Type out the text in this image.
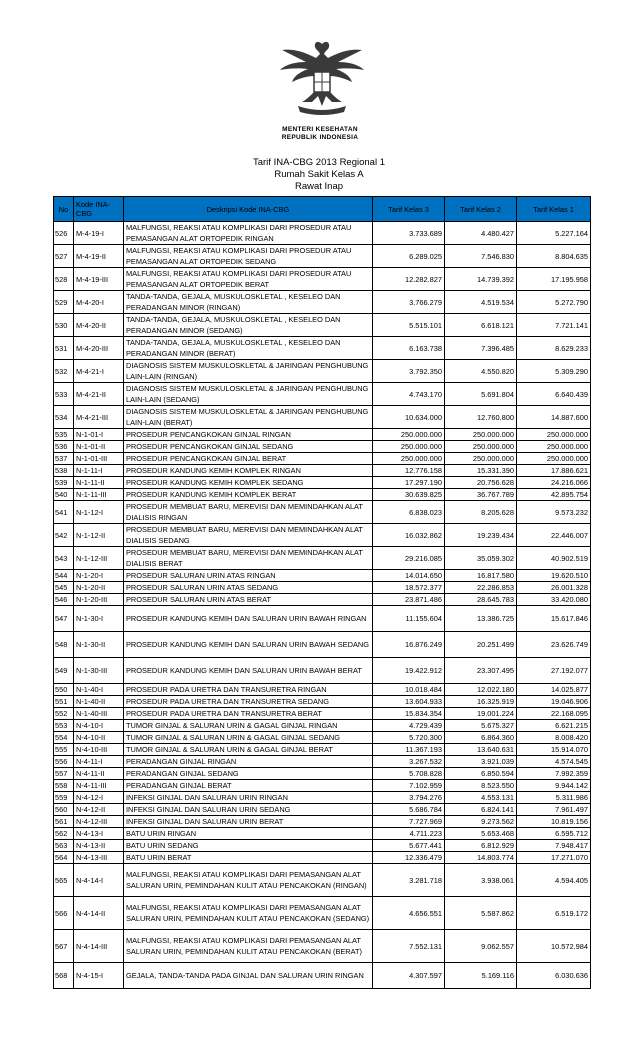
MENTERI KESEHATAN
REPUBLIK INDONESIA
Tarif INA-CBG 2013 Regional 1
Rumah Sakit Kelas A
Rawat Inap
No	Kode INA-CBG	Deskripsi Kode INA-CBG	Tarif Kelas 3	Tarif Kelas 2	Tarif Kelas 1
526	M-4-19-I	MALFUNGSI, REAKSI ATAU KOMPLIKASI DARI PROSEDUR ATAU PEMASANGAN ALAT ORTOPEDIK RINGAN	3.733.689	4.480.427	5.227.164
527	M-4-19-II	MALFUNGSI, REAKSI ATAU KOMPLIKASI DARI PROSEDUR ATAU PEMASANGAN ALAT ORTOPEDIK SEDANG	6.289.025	7.546.830	8.804.635
528	M-4-19-III	MALFUNGSI, REAKSI ATAU KOMPLIKASI DARI PROSEDUR ATAU PEMASANGAN ALAT ORTOPEDIK BERAT	12.282.827	14.739.392	17.195.958
529	M-4-20-I	TANDA-TANDA, GEJALA, MUSKULOSKLETAL , KESELEO DAN PERADANGAN MINOR (RINGAN)	3.766.279	4.519.534	5.272.790
530	M-4-20-II	TANDA-TANDA, GEJALA, MUSKULOSKLETAL , KESELEO DAN PERADANGAN MINOR (SEDANG)	5.515.101	6.618.121	7.721.141
531	M-4-20-III	TANDA-TANDA, GEJALA, MUSKULOSKLETAL , KESELEO DAN PERADANGAN MINOR (BERAT)	6.163.738	7.396.485	8.629.233
532	M-4-21-I	DIAGNOSIS SISTEM MUSKULOSKLETAL & JARINGAN PENGHUBUNG LAIN-LAIN (RINGAN)	3.792.350	4.550.820	5.309.290
533	M-4-21-II	DIAGNOSIS SISTEM MUSKULOSKLETAL & JARINGAN PENGHUBUNG LAIN-LAIN (SEDANG)	4.743.170	5.691.804	6.640.439
534	M-4-21-III	DIAGNOSIS SISTEM MUSKULOSKLETAL & JARINGAN PENGHUBUNG LAIN-LAIN (BERAT)	10.634.000	12.760.800	14.887.600
535	N-1-01-I	PROSEDUR PENCANGKOKAN GINJAL RINGAN	250.000.000	250.000.000	250.000.000
536	N-1-01-II	PROSEDUR PENCANGKOKAN GINJAL SEDANG	250.000.000	250.000.000	250.000.000
537	N-1-01-III	PROSEDUR PENCANGKOKAN GINJAL BERAT	250.000.000	250.000.000	250.000.000
538	N-1-11-I	PROSEDUR KANDUNG KEMIH KOMPLEK RINGAN	12.776.158	15.331.390	17.886.621
539	N-1-11-II	PROSEDUR KANDUNG KEMIH KOMPLEK SEDANG	17.297.190	20.756.628	24.216.066
540	N-1-11-III	PROSEDUR KANDUNG KEMIH KOMPLEK BERAT	30.639.825	36.767.789	42.895.754
541	N-1-12-I	PROSEDUR MEMBUAT BARU, MEREVISI DAN MEMINDAHKAN ALAT DIALISIS RINGAN	6.838.023	8.205.628	9.573.232
542	N-1-12-II	PROSEDUR MEMBUAT BARU, MEREVISI DAN MEMINDAHKAN ALAT DIALISIS SEDANG	16.032.862	19.239.434	22.446.007
543	N-1-12-III	PROSEDUR MEMBUAT BARU, MEREVISI DAN MEMINDAHKAN ALAT DIALISIS BERAT	29.216.085	35.059.302	40.902.519
544	N-1-20-I	PROSEDUR SALURAN URIN ATAS RINGAN	14.014.650	16.817.580	19.620.510
545	N-1-20-II	PROSEDUR SALURAN URIN ATAS SEDANG	18.572.377	22.286.853	26.001.328
546	N-1-20-III	PROSEDUR SALURAN URIN ATAS BERAT	23.871.486	28.645.783	33.420.080
547	N-1-30-I	PROSEDUR KANDUNG KEMIH DAN SALURAN URIN BAWAH RINGAN	11.155.604	13.386.725	15.617.846
548	N-1-30-II	PROSEDUR KANDUNG KEMIH DAN SALURAN URIN BAWAH SEDANG	16.876.249	20.251.499	23.626.749
549	N-1-30-III	PROSEDUR KANDUNG KEMIH DAN SALURAN URIN BAWAH BERAT	19.422.912	23.307.495	27.192.077
550	N-1-40-I	PROSEDUR PADA URETRA DAN TRANSURETRA RINGAN	10.018.484	12.022.180	14.025.877
551	N-1-40-II	PROSEDUR PADA URETRA DAN TRANSURETRA SEDANG	13.604.933	16.325.919	19.046.906
552	N-1-40-III	PROSEDUR PADA URETRA DAN TRANSURETRA BERAT	15.834.354	19.001.224	22.168.095
553	N-4-10-I	TUMOR GINJAL & SALURAN URIN & GAGAL GINJAL RINGAN	4.729.439	5.675.327	6.621.215
554	N-4-10-II	TUMOR GINJAL & SALURAN URIN & GAGAL GINJAL SEDANG	5.720.300	6.864.360	8.008.420
555	N-4-10-III	TUMOR GINJAL & SALURAN URIN & GAGAL GINJAL BERAT	11.367.193	13.640.631	15.914.070
556	N-4-11-I	PERADANGAN GINJAL RINGAN	3.267.532	3.921.039	4.574.545
557	N-4-11-II	PERADANGAN GINJAL SEDANG	5.708.828	6.850.594	7.992.359
558	N-4-11-III	PERADANGAN GINJAL BERAT	7.102.959	8.523.550	9.944.142
559	N-4-12-I	INFEKSI GINJAL DAN SALURAN URIN RINGAN	3.794.276	4.553.131	5.311.986
560	N-4-12-II	INFEKSI GINJAL DAN SALURAN URIN SEDANG	5.686.784	6.824.141	7.961.497
561	N-4-12-III	INFEKSI GINJAL DAN SALURAN URIN BERAT	7.727.969	9.273.562	10.819.156
562	N-4-13-I	BATU URIN RINGAN	4.711.223	5.653.468	6.595.712
563	N-4-13-II	BATU URIN SEDANG	5.677.441	6.812.929	7.948.417
564	N-4-13-III	BATU URIN BERAT	12.336.479	14.803.774	17.271.070
565	N-4-14-I	MALFUNGSI, REAKSI ATAU KOMPLIKASI DARI PEMASANGAN ALAT SALURAN URIN, PEMINDAHAN KULIT ATAU PENCAKOKAN (RINGAN)	3.281.718	3.938.061	4.594.405
566	N-4-14-II	MALFUNGSI, REAKSI ATAU KOMPLIKASI DARI PEMASANGAN ALAT SALURAN URIN, PEMINDAHAN KULIT ATAU PENCAKOKAN (SEDANG)	4.656.551	5.587.862	6.519.172
567	N-4-14-III	MALFUNGSI, REAKSI ATAU KOMPLIKASI DARI PEMASANGAN ALAT SALURAN URIN, PEMINDAHAN KULIT ATAU PENCAKOKAN (BERAT)	7.552.131	9.062.557	10.572.984
568	N-4-15-I	GEJALA, TANDA-TANDA PADA GINJAL DAN SALURAN URIN RINGAN	4.307.597	5.169.116	6.030.636
